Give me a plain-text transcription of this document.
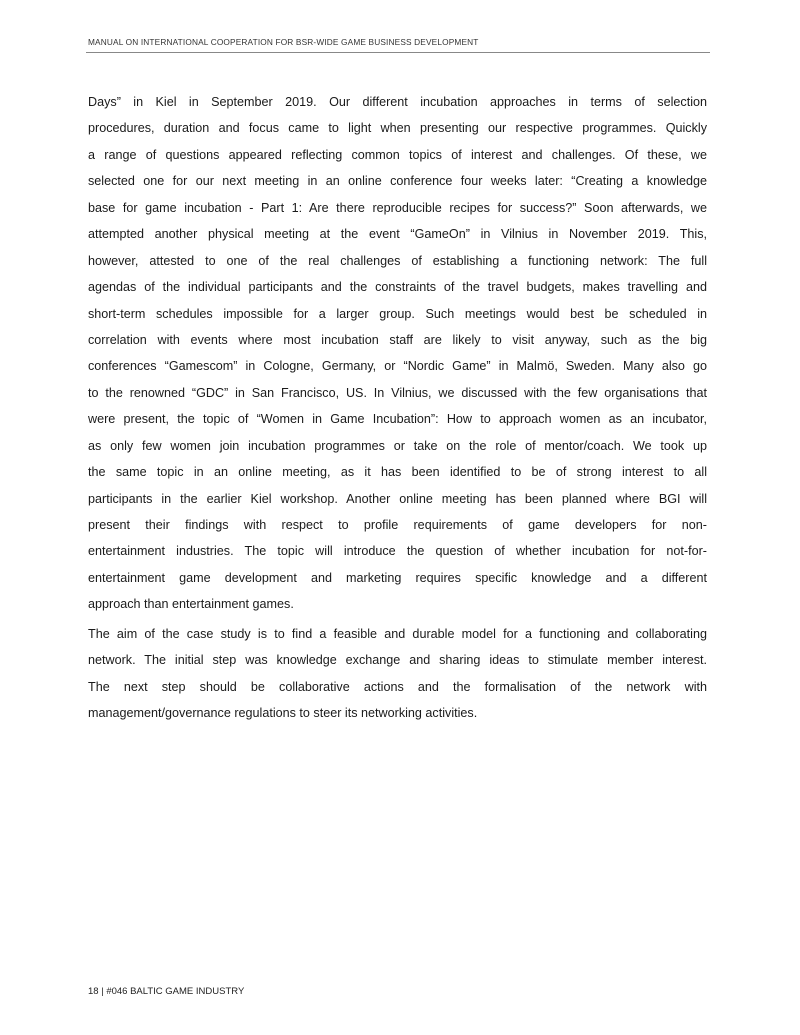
MANUAL ON INTERNATIONAL COOPERATION FOR BSR-WIDE GAME BUSINESS DEVELOPMENT
Days” in Kiel in September 2019. Our different incubation approaches in terms of selection
procedures, duration and focus came to light when presenting our respective programmes. Quickly
a range of questions appeared reflecting common topics of interest and challenges. Of these, we
selected one for our next meeting in an online conference four weeks later: “Creating a knowledge
base for game incubation - Part 1: Are there reproducible recipes for success?” Soon afterwards, we
attempted another physical meeting at the event “GameOn” in Vilnius in November 2019. This,
however, attested to one of the real challenges of establishing a functioning network: The full
agendas of the individual participants and the constraints of the travel budgets, makes travelling and
short-term schedules impossible for a larger group. Such meetings would best be scheduled in
correlation with events where most incubation staff are likely to visit anyway, such as the big
conferences “Gamescom” in Cologne, Germany, or “Nordic Game” in Malmö, Sweden. Many also go
to the renowned “GDC” in San Francisco, US. In Vilnius, we discussed with the few organisations that
were present, the topic of “Women in Game Incubation”: How to approach women as an incubator,
as only few women join incubation programmes or take on the role of mentor/coach. We took up
the same topic in an online meeting, as it has been identified to be of strong interest to all
participants in the earlier Kiel workshop. Another online meeting has been planned where BGI will
present their findings with respect to profile requirements of game developers for non-
entertainment industries. The topic will introduce the question of whether incubation for not-for-
entertainment game development and marketing requires specific knowledge and a different
approach than entertainment games.
The aim of the case study is to find a feasible and durable model for a functioning and collaborating
network. The initial step was knowledge exchange and sharing ideas to stimulate member interest.
The next step should be collaborative actions and the formalisation of the network with
management/governance regulations to steer its networking activities.
18 | #046 BALTIC GAME INDUSTRY
